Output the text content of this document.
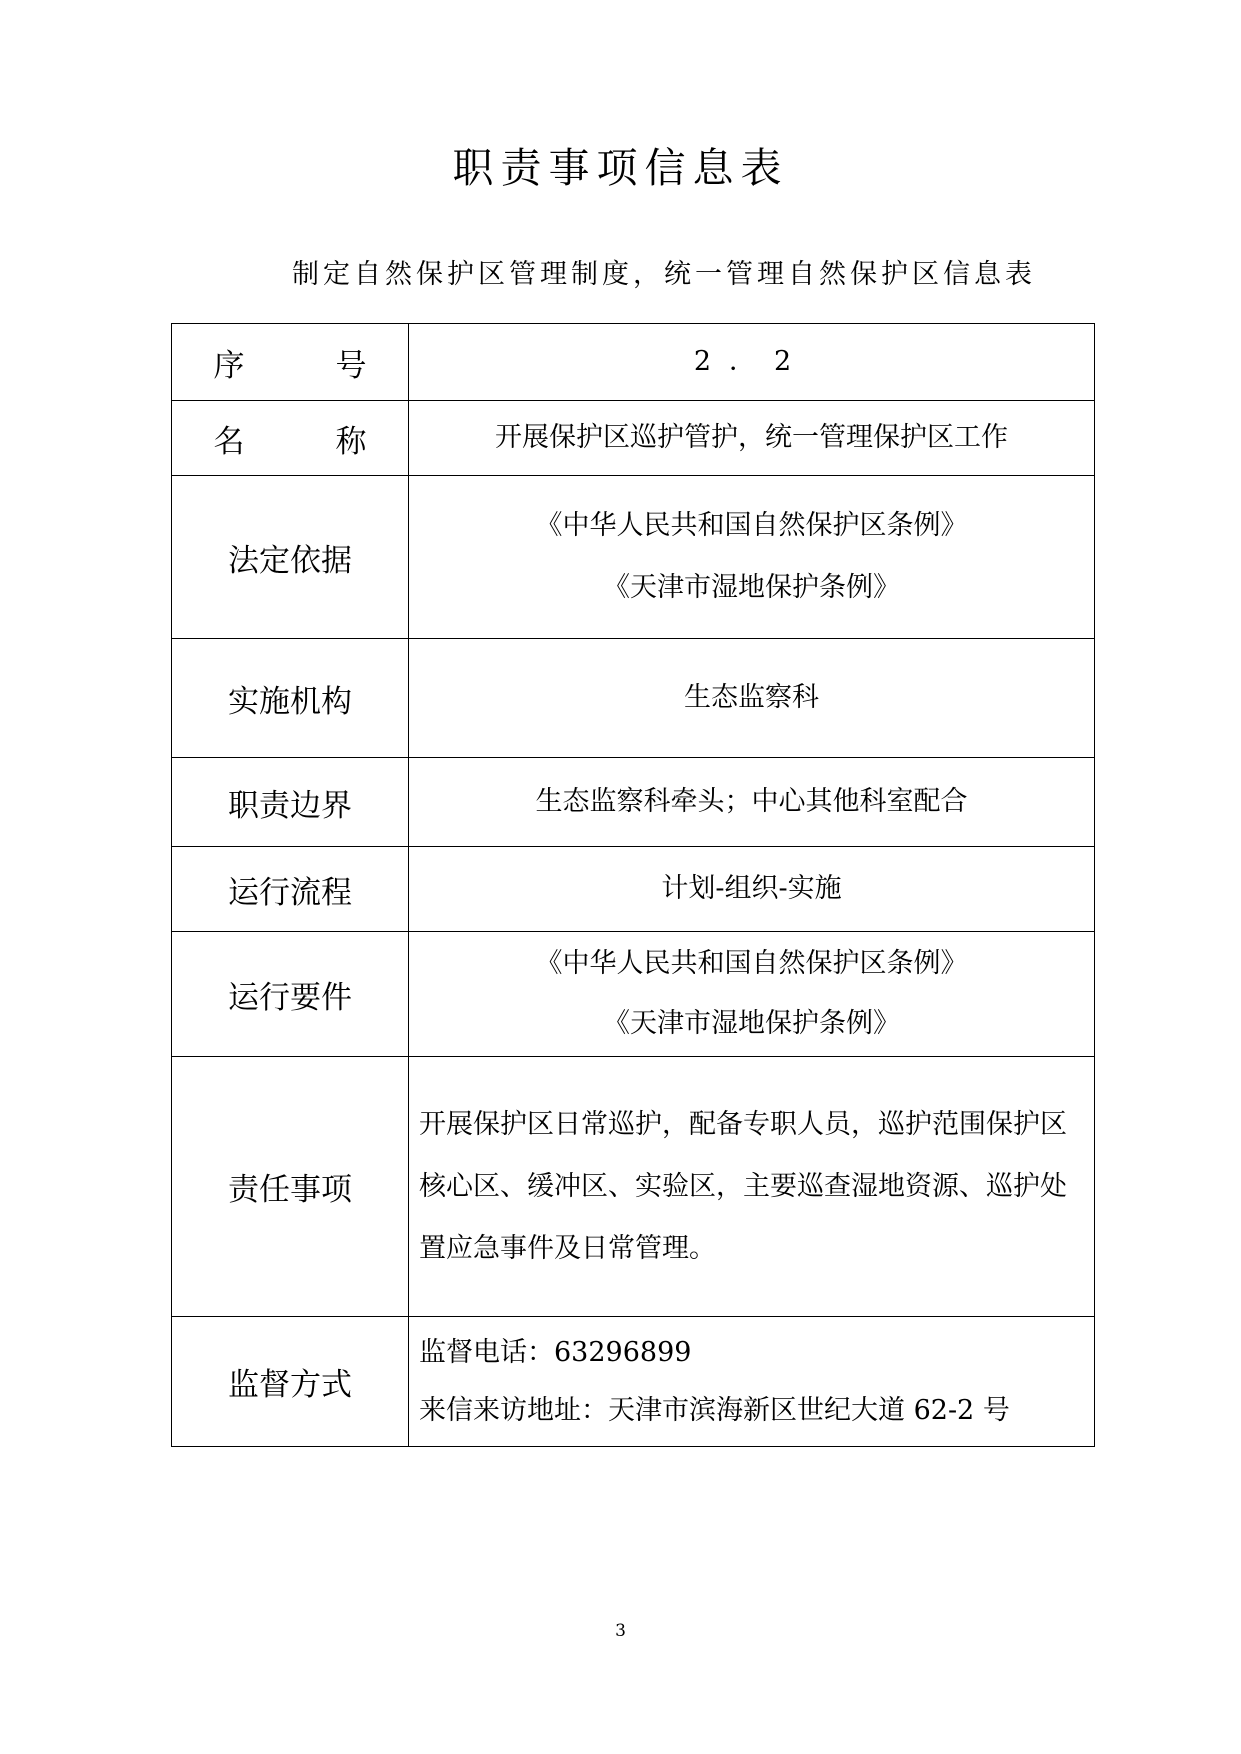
职责事项信息表
制定自然保护区管理制度，统一管理自然保护区信息表
序　号	2．2
名　称	开展保护区巡护管护，统一管理保护区工作
法定依据	《中华人民共和国自然保护区条例》

《天津市湿地保护条例》

实施机构	生态监察科
职责边界	生态监察科牵头；中心其他科室配合
运行流程	计划-组织-实施
运行要件	《中华人民共和国自然保护区条例》

《天津市湿地保护条例》

责任事项	开展保护区日常巡护，配备专职人员，巡护范围保护区核心区、缓冲区、实验区，主要巡查湿地资源、巡护处置应急事件及日常管理。
监督方式	监督电话：63296899

来信来访地址：天津市滨海新区世纪大道 62-2 号

3
